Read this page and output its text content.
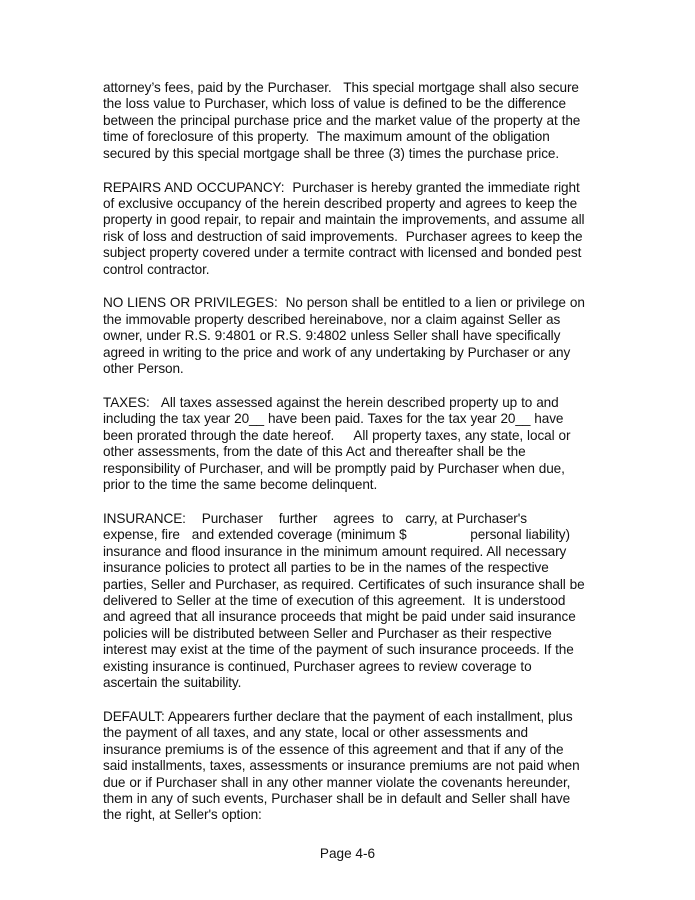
attorney’s fees, paid by the Purchaser.   This special mortgage shall also secure
the loss value to Purchaser, which loss of value is defined to be the difference
between the principal purchase price and the market value of the property at the
time of foreclosure of this property.  The maximum amount of the obligation
secured by this special mortgage shall be three (3) times the purchase price.

REPAIRS AND OCCUPANCY:  Purchaser is hereby granted the immediate right
of exclusive occupancy of the herein described property and agrees to keep the
property in good repair, to repair and maintain the improvements, and assume all
risk of loss and destruction of said improvements.  Purchaser agrees to keep the
subject property covered under a termite contract with licensed and bonded pest
control contractor.

NO LIENS OR PRIVILEGES:  No person shall be entitled to a lien or privilege on
the immovable property described hereinabove, nor a claim against Seller as
owner, under R.S. 9:4801 or R.S. 9:4802 unless Seller shall have specifically
agreed in writing to the price and work of any undertaking by Purchaser or any
other Person.

TAXES:   All taxes assessed against the herein described property up to and
including the tax year 20__ have been paid. Taxes for the tax year 20__ have
been prorated through the date hereof.     All property taxes, any state, local or
other assessments, from the date of this Act and thereafter shall be the
responsibility of Purchaser, and will be promptly paid by Purchaser when due,
prior to the time the same become delinquent.

INSURANCE:    Purchaser    further    agrees  to   carry, at Purchaser's
expense, fire   and extended coverage (minimum $                personal liability)
insurance and flood insurance in the minimum amount required. All necessary
insurance policies to protect all parties to be in the names of the respective
parties, Seller and Purchaser, as required. Certificates of such insurance shall be
delivered to Seller at the time of execution of this agreement.  It is understood
and agreed that all insurance proceeds that might be paid under said insurance
policies will be distributed between Seller and Purchaser as their respective
interest may exist at the time of the payment of such insurance proceeds. If the
existing insurance is continued, Purchaser agrees to review coverage to
ascertain the suitability.

DEFAULT: Appearers further declare that the payment of each installment, plus
the payment of all taxes, and any state, local or other assessments and
insurance premiums is of the essence of this agreement and that if any of the
said installments, taxes, assessments or insurance premiums are not paid when
due or if Purchaser shall in any other manner violate the covenants hereunder,
them in any of such events, Purchaser shall be in default and Seller shall have
the right, at Seller's option:

Page 4-6
